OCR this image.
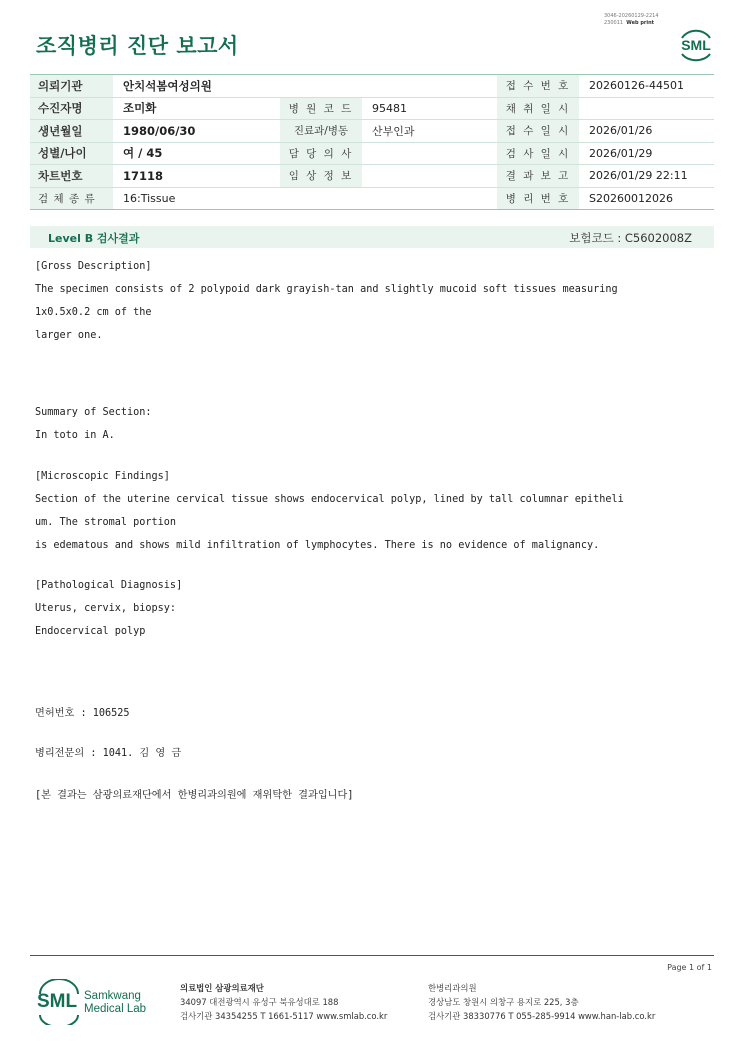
3046-20260129-2214
230011 Web print
조직병리 진단 보고서	SML
의뢰기관	안치석봄여성의원			접 수 번 호	20260126-44501
수진자명	조미화	병 원 코 드	95481	채 취 일 시	
생년월일	1980/06/30	진료과/병동	산부인과	접 수 일 시	2026/01/26
성별/나이	여 / 45	담 당 의 사		검 사 일 시	2026/01/29
차트번호	17118	임 상 정 보		결 과 보 고	2026/01/29 22:11
검 체 종 류	16:Tissue			병 리 번 호	S20260012026
Level B 검사결과	보험코드 : C5602008Z
[Gross Description]
The specimen consists of 2 polypoid dark grayish-tan and slightly mucoid soft tissues measuring
1x0.5x0.2 cm of the
larger one.
Summary of Section:
In toto in A.
[Microscopic Findings]
Section of the uterine cervical tissue shows endocervical polyp, lined by tall columnar epitheli
um. The stromal portion
is edematous and shows mild infiltration of lymphocytes. There is no evidence of malignancy.
[Pathological Diagnosis]
Uterus, cervix, biopsy:
Endocervical polyp
면허번호 : 106525
병리전문의 : 1041. 김 영 금
[본 결과는 삼광의료재단에서 한병리과의원에 재위탁한 결과입니다]
Page 1 of 1
SML Samkwang
Medical Lab
의료법인 삼광의료재단
34097 대전광역시 유성구 북유성대로 188
검사기관 34354255 T 1661-5117 www.smlab.co.kr
한병리과의원
경상남도 창원시 의창구 용지로 225, 3층
검사기관 38330776 T 055-285-9914 www.han-lab.co.kr
